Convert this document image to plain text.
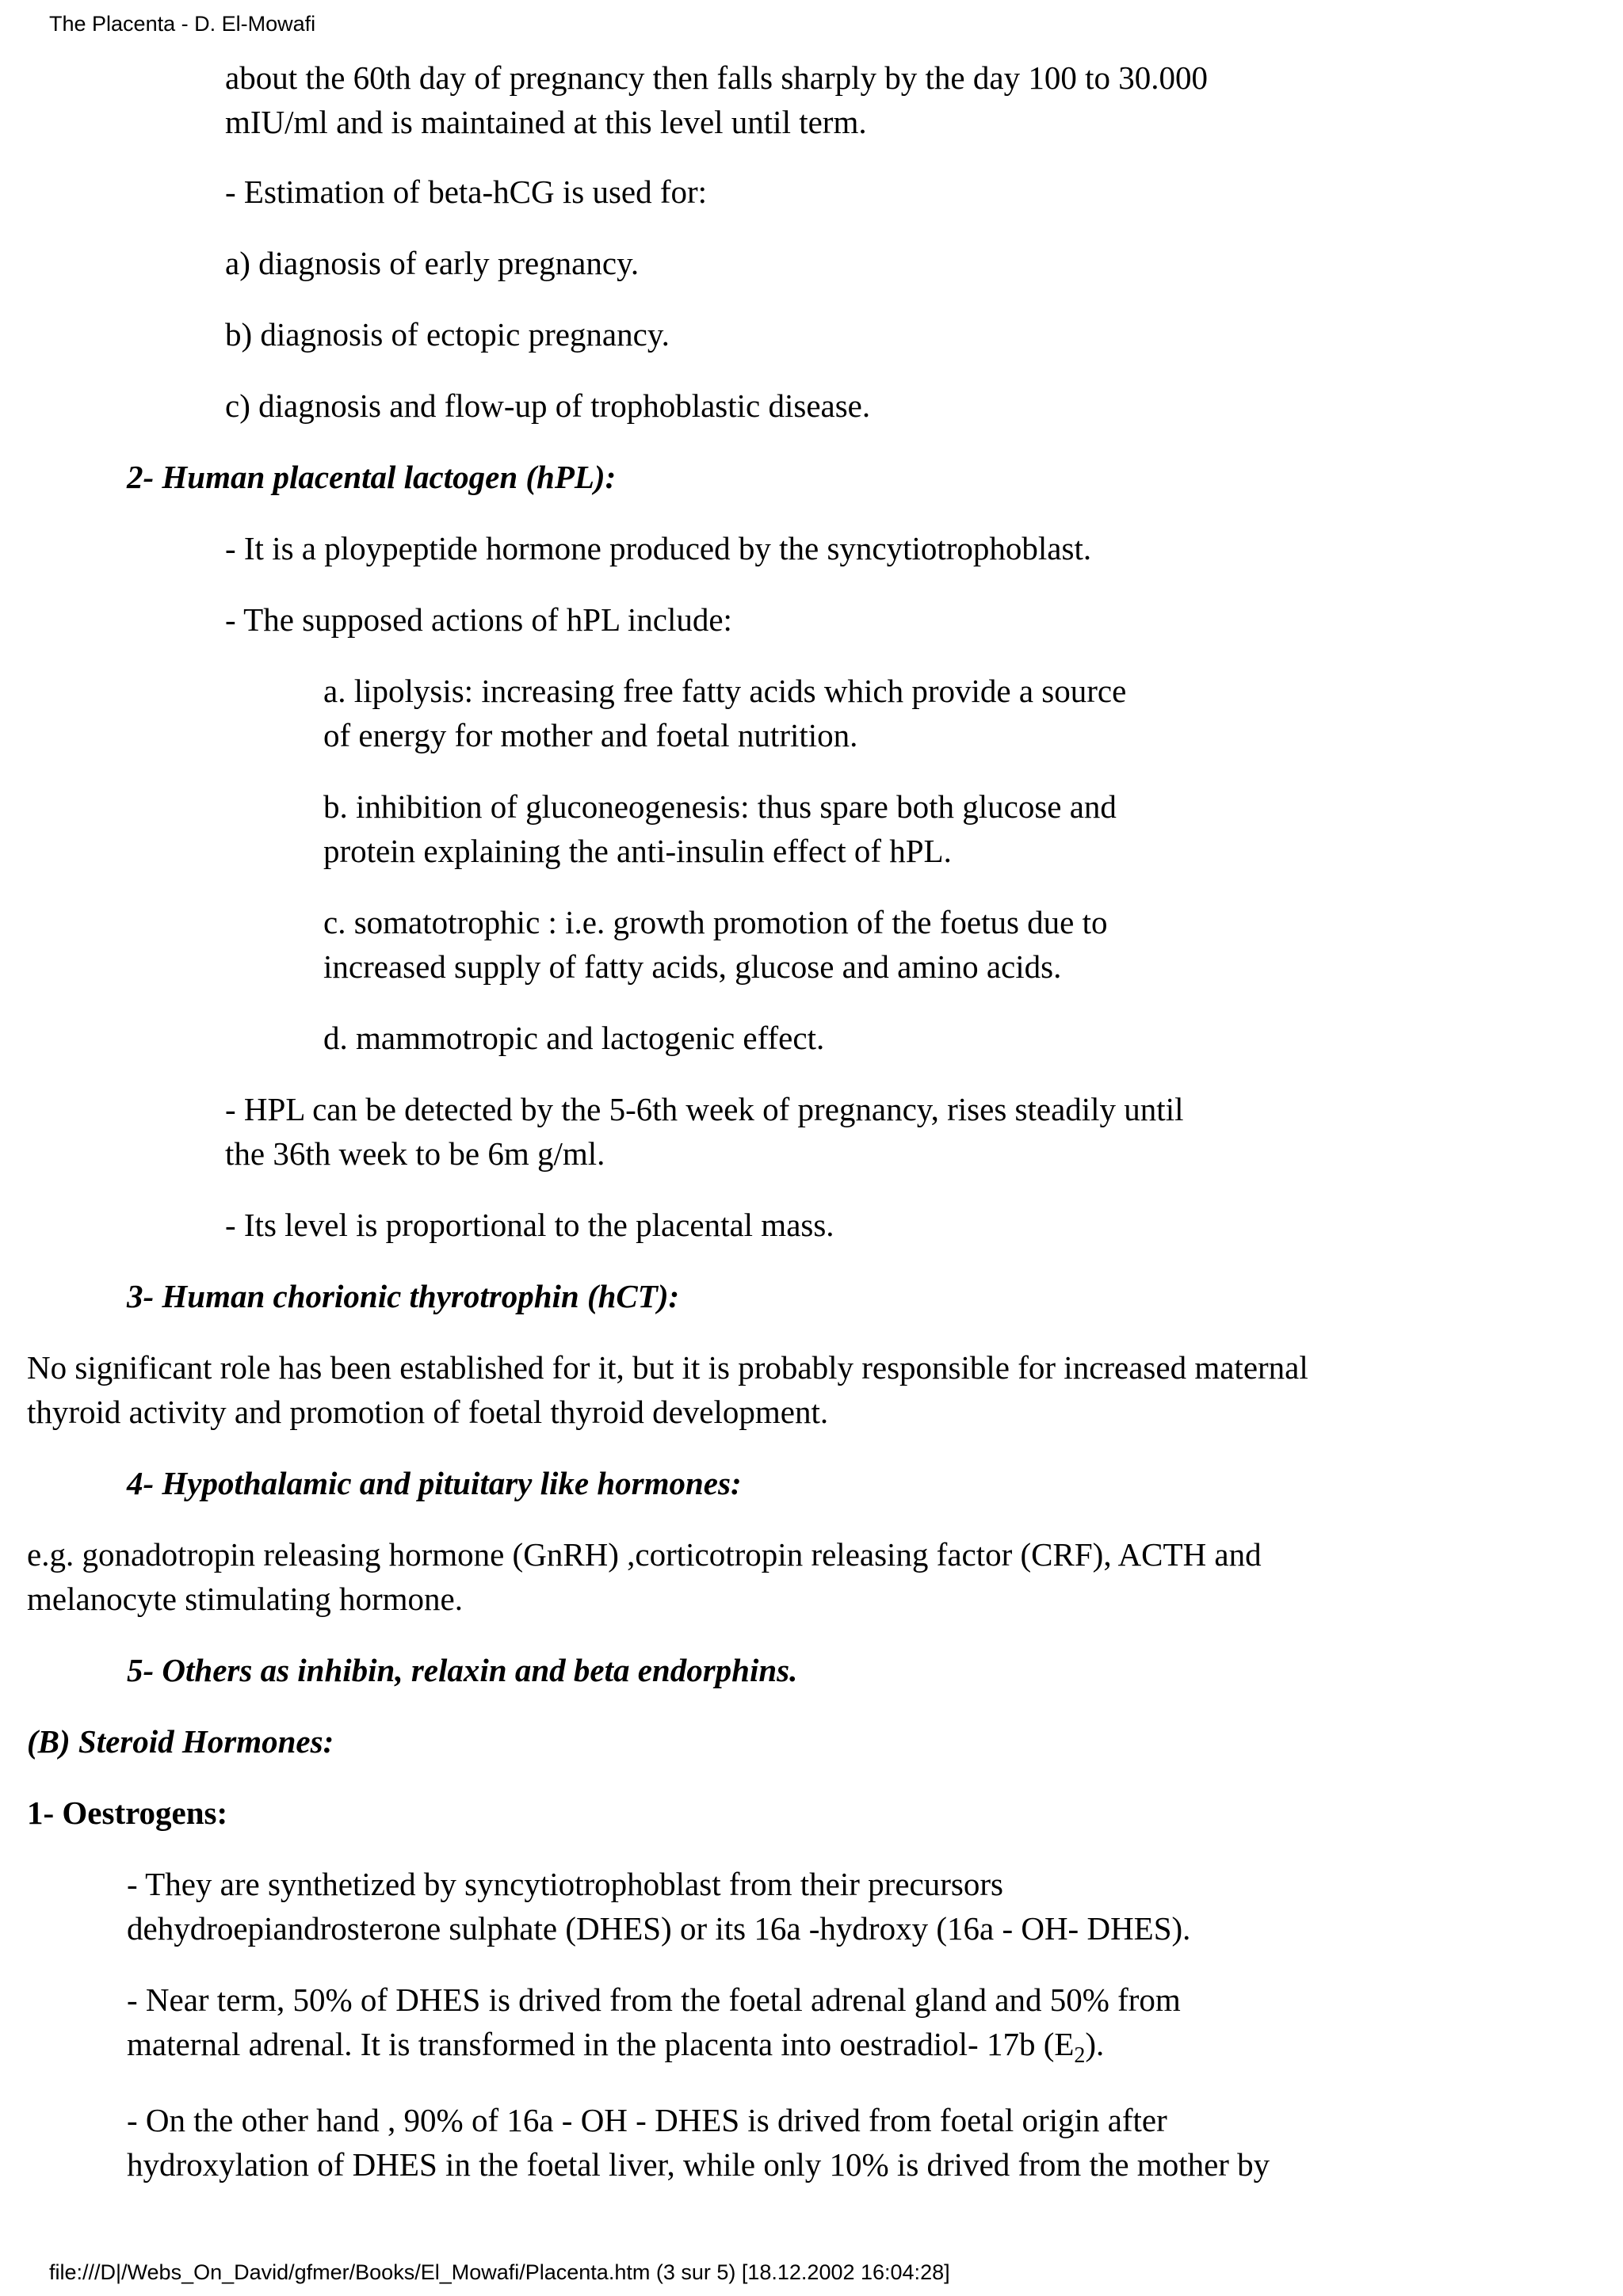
The Placenta - D. El-Mowafi
about the 60th day of pregnancy then falls sharply by the day 100 to 30.000
mIU/ml and is maintained at this level until term.
- Estimation of beta-hCG is used for:
a) diagnosis of early pregnancy.
b) diagnosis of ectopic pregnancy.
c) diagnosis and flow-up of trophoblastic disease.
2- Human placental lactogen (hPL):
- It is a ploypeptide hormone produced by the syncytiotrophoblast.
- The supposed actions of hPL include:
a. lipolysis: increasing free fatty acids which provide a source
of energy for mother and foetal nutrition.
b. inhibition of gluconeogenesis: thus spare both glucose and
protein explaining the anti-insulin effect of hPL.
c. somatotrophic : i.e. growth promotion of the foetus due to
increased supply of fatty acids, glucose and amino acids.
d. mammotropic and lactogenic effect.
- HPL can be detected by the 5-6th week of pregnancy, rises steadily until
the 36th week to be 6m g/ml.
- Its level is proportional to the placental mass.
3- Human chorionic thyrotrophin (hCT):
No significant role has been established for it, but it is probably responsible for increased maternal
thyroid activity and promotion of foetal thyroid development.
4- Hypothalamic and pituitary like hormones:
e.g. gonadotropin releasing hormone (GnRH) ,corticotropin releasing factor (CRF), ACTH and
melanocyte stimulating hormone.
5- Others as inhibin, relaxin and beta endorphins.
(B) Steroid Hormones:
1- Oestrogens:
- They are synthetized by syncytiotrophoblast from their precursors
dehydroepiandrosterone sulphate (DHES) or its 16a -hydroxy (16a - OH- DHES).
- Near term, 50% of DHES is drived from the foetal adrenal gland and 50% from
maternal adrenal. It is transformed in the placenta into oestradiol- 17b $(E_2)$.
- On the other hand , 90% of 16a - OH - DHES is drived from foetal origin after
hydroxylation of DHES in the foetal liver, while only 10% is drived from the mother by
file:///D|/Webs_On_David/gfmer/Books/El_Mowafi/Placenta.htm (3 sur 5) [18.12.2002 16:04:28]
